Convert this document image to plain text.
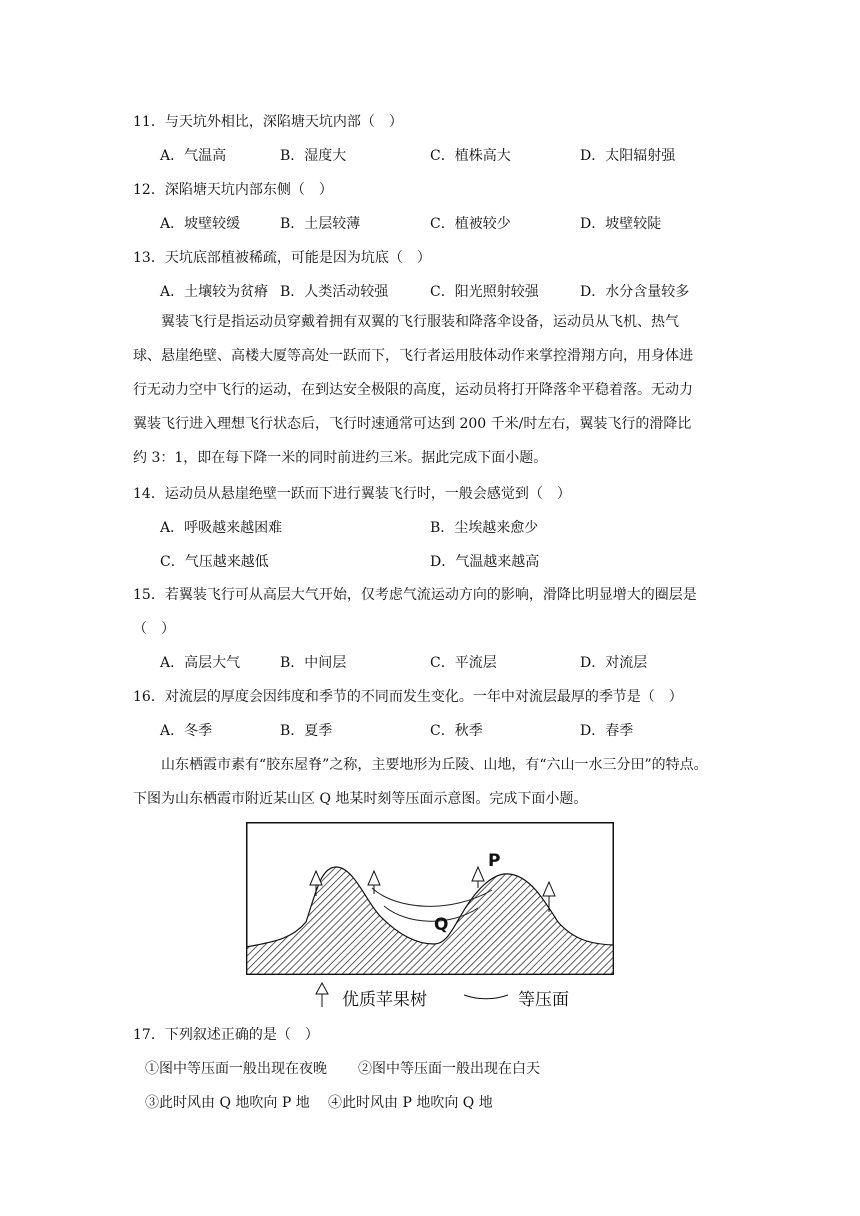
11．与天坑外相比，深陷塘天坑内部（　）
A．气温高	B．湿度大	C．植株高大	D．太阳辐射强
12．深陷塘天坑内部东侧（　）
A．坡壁较缓	B．土层较薄	C．植被较少	D．坡壁较陡
13．天坑底部植被稀疏，可能是因为坑底（　）
A．土壤较为贫瘠 B．人类活动较强	C．阳光照射较强	D．水分含量较多

　　翼装飞行是指运动员穿戴着拥有双翼的飞行服装和降落伞设备，运动员从飞机、热气

球、悬崖绝壁、高楼大厦等高处一跃而下，飞行者运用肢体动作来掌控滑翔方向，用身体进

行无动力空中飞行的运动，在到达安全极限的高度，运动员将打开降落伞平稳着落。无动力

翼装飞行进入理想飞行状态后，飞行时速通常可达到 200 千米/时左右，翼装飞行的滑降比

约 3：1，即在每下降一米的同时前进约三米。据此完成下面小题。

14．运动员从悬崖绝壁一跃而下进行翼装飞行时，一般会感觉到（　）
A．呼吸越来越困难	B．尘埃越来愈少
C．气压越来越低	D．气温越来越高
15．若翼装飞行可从高层大气开始，仅考虑气流运动方向的影响，滑降比明显增大的圈层是
（　）
A．高层大气	B．中间层	C．平流层	D．对流层
16．对流层的厚度会因纬度和季节的不同而发生变化。一年中对流层最厚的季节是（　）
A．冬季	B．夏季	C．秋季	D．春季

　　山东栖霞市素有“胶东屋脊”之称，主要地形为丘陵、山地，有“六山一水三分田”的特点。

下图为山东栖霞市附近某山区 Q 地某时刻等压面示意图。完成下面小题。

P
Q
优质苹果树	等压面
17．下列叙述正确的是（　）
①图中等压面一般出现在夜晚 ②图中等压面一般出现在白天
③此时风由 Q 地吹向 P 地 ④此时风由 P 地吹向 Q 地
